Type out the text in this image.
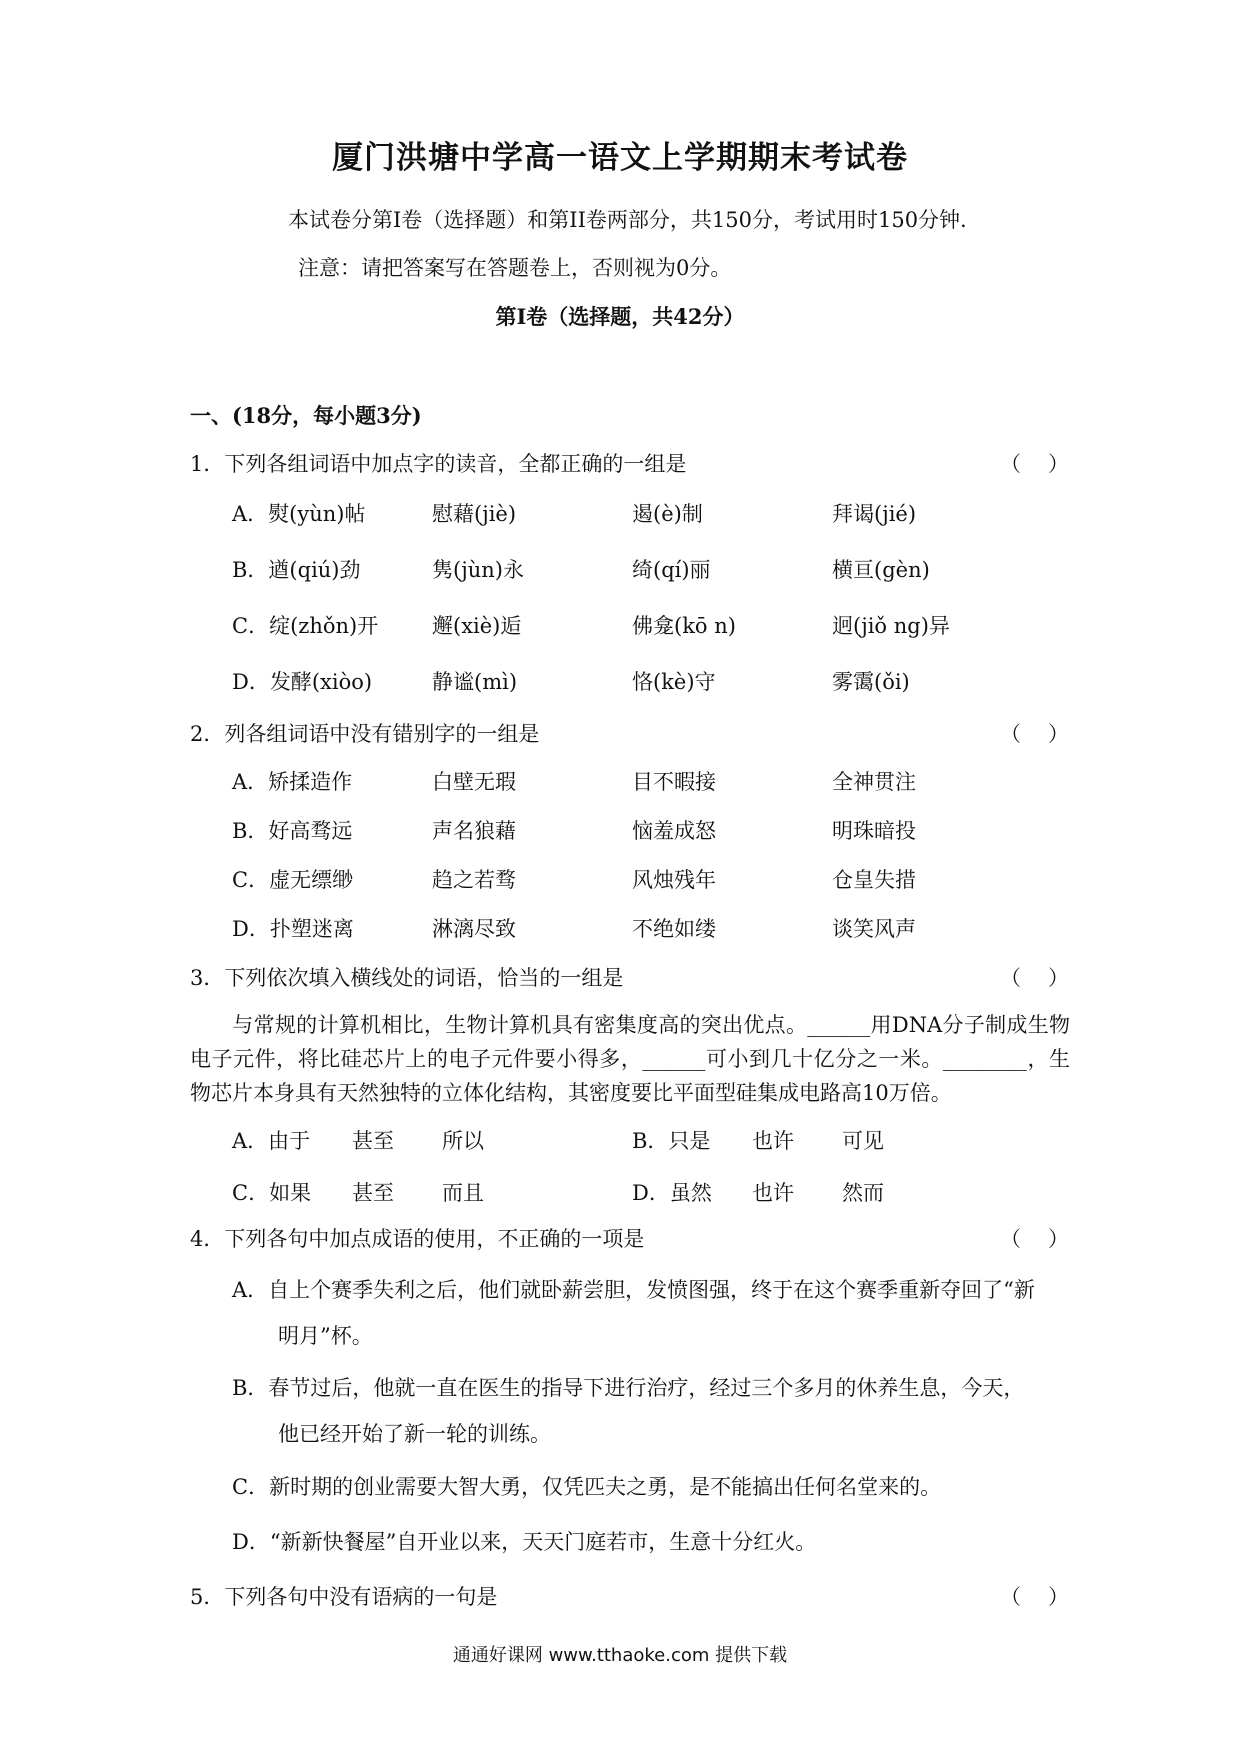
厦门洪塘中学高一语文上学期期末考试卷
本试卷分第Ⅰ卷（选择题）和第II卷两部分，共150分，考试用时150分钟.
注意：请把答案写在答题卷上，否则视为0分。
第Ⅰ卷（选择题，共42分）
一、(18分，每小题3分)
1．下列各组词语中加点字的读音，全都正确的一组是	（ ）
A．熨(yùn)帖	慰藉(jiè)	遏(è)制	拜谒(jié)
B．遒(qiú)劲	隽(jùn)永	绮(qí)丽	横亘(gèn)
C．绽(zhǒn)开	邂(xiè)逅	佛龛(kō n)	迥(jiǒ ng)异
D．发酵(xiòo)	静谧(mì)	恪(kè)守	雾霭(ǒi)
2．列各组词语中没有错别字的一组是	（ ）
A．矫揉造作	白壁无瑕	目不暇接	全神贯注
B．好高骛远	声名狼藉	恼羞成怒	明珠暗投
C．虚无缥缈	趋之若骛	风烛残年	仓皇失措
D．扑塑迷离	淋漓尽致	不绝如缕	谈笑风声
3．下列依次填入横线处的词语，恰当的一组是	（ ）
与常规的计算机相比，生物计算机具有密集度高的突出优点。______用DNA分子制成生物电子元件，将比硅芯片上的电子元件要小得多，______可小到几十亿分之一米。________，生物芯片本身具有天然独特的立体化结构，其密度要比平面型硅集成电路高10万倍。
A．由于 甚至 所以	B．只是 也许 可见
C．如果 甚至 而且	D．虽然 也许 然而
4．下列各句中加点成语的使用，不正确的一项是	（ ）
A．自上个赛季失利之后，他们就卧薪尝胆，发愤图强，终于在这个赛季重新夺回了“新
明月”杯。
B．春节过后，他就一直在医生的指导下进行治疗，经过三个多月的休养生息，今天，
他已经开始了新一轮的训练。
C．新时期的创业需要大智大勇，仅凭匹夫之勇，是不能搞出任何名堂来的。
D．“新新快餐屋”自开业以来，天天门庭若市，生意十分红火。
5．下列各句中没有语病的一句是	（ ）
通通好课网 www.tthaoke.com 提供下载
